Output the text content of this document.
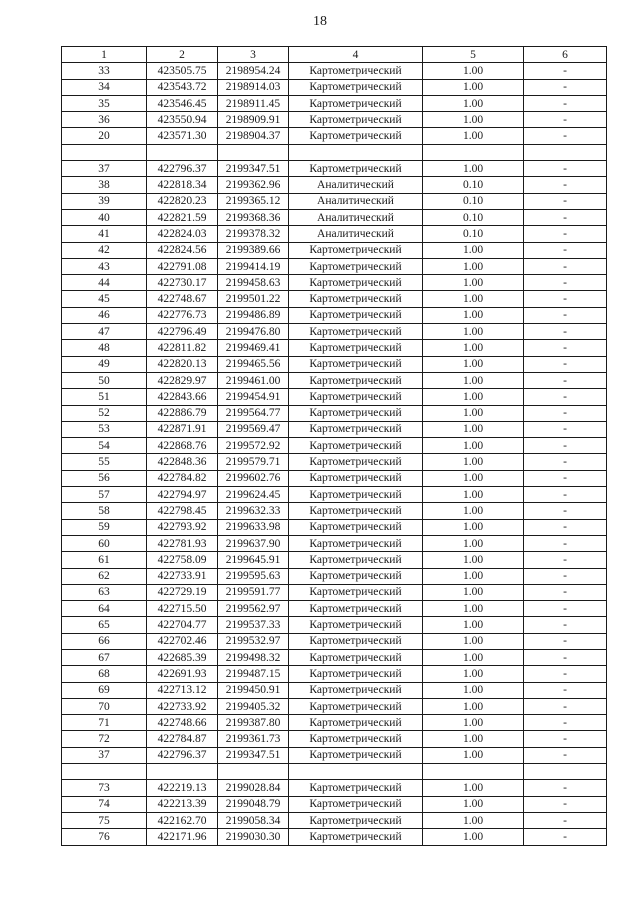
18
1	2	3	4	5	6
33	423505.75	2198954.24	Картометрический	1.00	-
34	423543.72	2198914.03	Картометрический	1.00	-
35	423546.45	2198911.45	Картометрический	1.00	-
36	423550.94	2198909.91	Картометрический	1.00	-
20	423571.30	2198904.37	Картометрический	1.00	-

37	422796.37	2199347.51	Картометрический	1.00	-
38	422818.34	2199362.96	Аналитический	0.10	-
39	422820.23	2199365.12	Аналитический	0.10	-
40	422821.59	2199368.36	Аналитический	0.10	-
41	422824.03	2199378.32	Аналитический	0.10	-
42	422824.56	2199389.66	Картометрический	1.00	-
43	422791.08	2199414.19	Картометрический	1.00	-
44	422730.17	2199458.63	Картометрический	1.00	-
45	422748.67	2199501.22	Картометрический	1.00	-
46	422776.73	2199486.89	Картометрический	1.00	-
47	422796.49	2199476.80	Картометрический	1.00	-
48	422811.82	2199469.41	Картометрический	1.00	-
49	422820.13	2199465.56	Картометрический	1.00	-
50	422829.97	2199461.00	Картометрический	1.00	-
51	422843.66	2199454.91	Картометрический	1.00	-
52	422886.79	2199564.77	Картометрический	1.00	-
53	422871.91	2199569.47	Картометрический	1.00	-
54	422868.76	2199572.92	Картометрический	1.00	-
55	422848.36	2199579.71	Картометрический	1.00	-
56	422784.82	2199602.76	Картометрический	1.00	-
57	422794.97	2199624.45	Картометрический	1.00	-
58	422798.45	2199632.33	Картометрический	1.00	-
59	422793.92	2199633.98	Картометрический	1.00	-
60	422781.93	2199637.90	Картометрический	1.00	-
61	422758.09	2199645.91	Картометрический	1.00	-
62	422733.91	2199595.63	Картометрический	1.00	-
63	422729.19	2199591.77	Картометрический	1.00	-
64	422715.50	2199562.97	Картометрический	1.00	-
65	422704.77	2199537.33	Картометрический	1.00	-
66	422702.46	2199532.97	Картометрический	1.00	-
67	422685.39	2199498.32	Картометрический	1.00	-
68	422691.93	2199487.15	Картометрический	1.00	-
69	422713.12	2199450.91	Картометрический	1.00	-
70	422733.92	2199405.32	Картометрический	1.00	-
71	422748.66	2199387.80	Картометрический	1.00	-
72	422784.87	2199361.73	Картометрический	1.00	-
37	422796.37	2199347.51	Картометрический	1.00	-

73	422219.13	2199028.84	Картометрический	1.00	-
74	422213.39	2199048.79	Картометрический	1.00	-
75	422162.70	2199058.34	Картометрический	1.00	-
76	422171.96	2199030.30	Картометрический	1.00	-
